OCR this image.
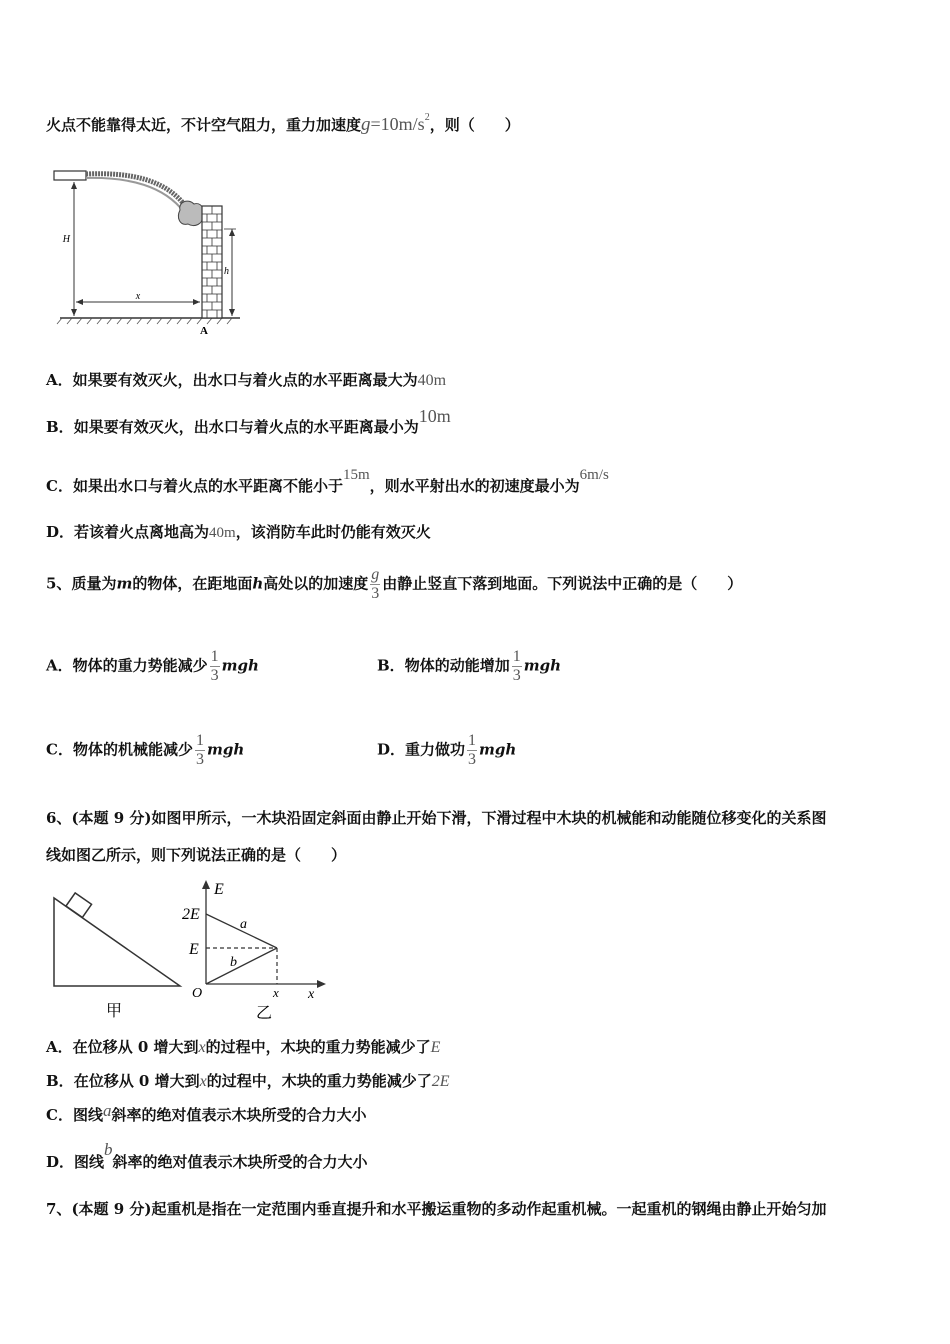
火点不能靠得太近，不计空气阻力，重力加速度$g=10m/s^2$，则（　　）
H
x
h
A
A．如果要有效灭火，出水口与着火点的水平距离最大为40m
B．如果要有效灭火，出水口与着火点的水平距离最小为10m
C．如果出水口与着火点的水平距离不能小于15m，则水平射出水的初速度最小为6m/s
D．若该着火点离地高为40m，该消防车此时仍能有效灭火
5、质量为m的物体，在距地面h高处以的加速度 $\frac{g}{3}$ 由静止竖直下落到地面。下列说法中正确的是（　　）
A．物体的重力势能减少 $\frac{1}{3}$ mgh	B．物体的动能增加 $\frac{1}{3}$ mgh
C．物体的机械能减少 $\frac{1}{3}$ mgh	D．重力做功 $\frac{1}{3}$ mgh
6、(本题 9 分)如图甲所示，一木块沿固定斜面由静止开始下滑，下滑过程中木块的机械能和动能随位移变化的关系图
线如图乙所示，则下列说法正确的是（　　）
甲
E
2E
E
O	x x
a
b
乙
A．在位移从 0 增大到x的过程中，木块的重力势能减少了E
B．在位移从 0 增大到x的过程中，木块的重力势能减少了2E
C．图线a斜率的绝对值表示木块所受的合力大小
D．图线b斜率的绝对值表示木块所受的合力大小
7、(本题 9 分)起重机是指在一定范围内垂直提升和水平搬运重物的多动作起重机械。一起重机的钢绳由静止开始匀加
